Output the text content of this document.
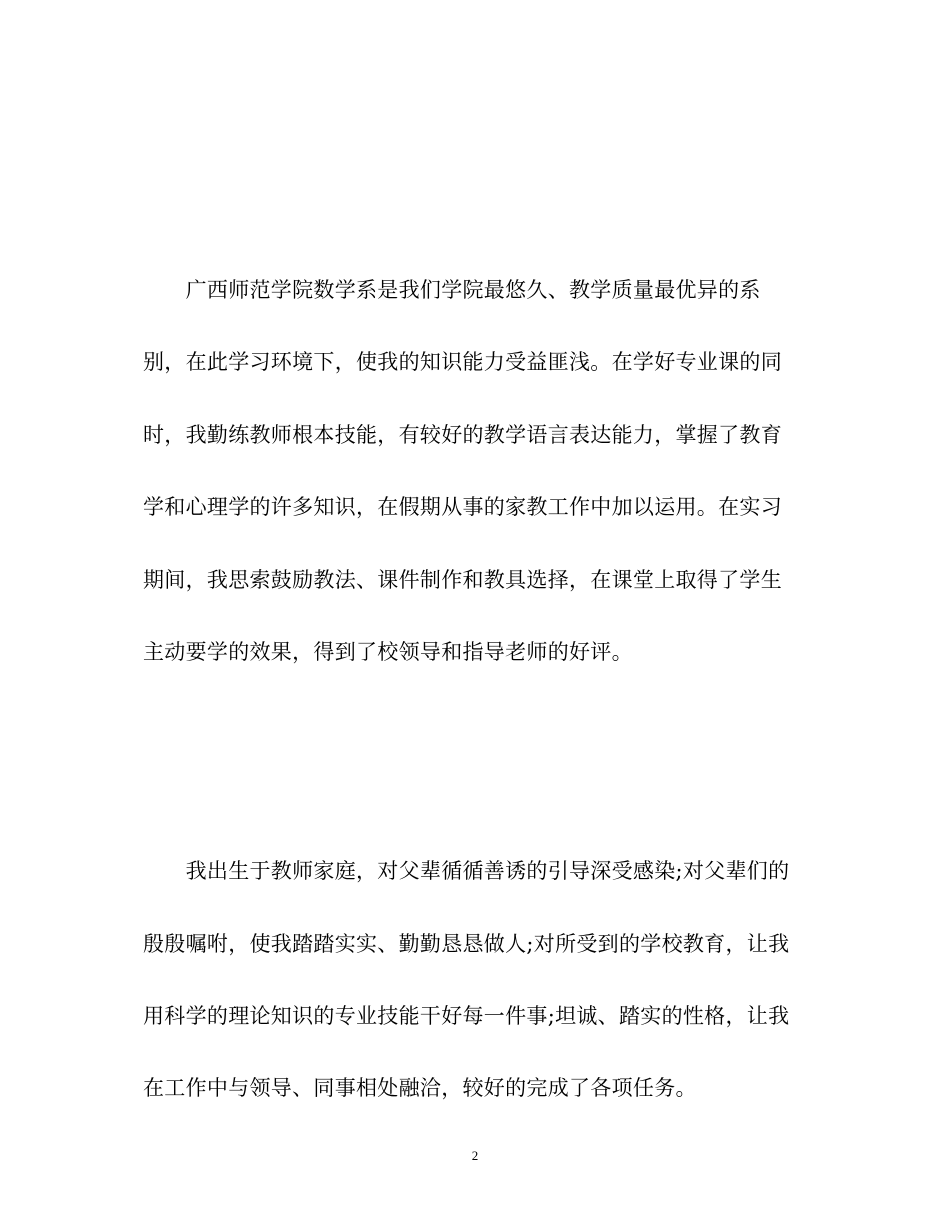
　　广西师范学院数学系是我们学院最悠久、教学质量最优异的系
别，在此学习环境下，使我的知识能力受益匪浅。在学好专业课的同
时，我勤练教师根本技能，有较好的教学语言表达能力，掌握了教育
学和心理学的许多知识，在假期从事的家教工作中加以运用。在实习
期间，我思索鼓励教法、课件制作和教具选择，在课堂上取得了学生
主动要学的效果，得到了校领导和指导老师的好评。
　　我出生于教师家庭，对父辈循循善诱的引导深受感染;对父辈们的
殷殷嘱咐，使我踏踏实实、勤勤恳恳做人;对所受到的学校教育，让我
用科学的理论知识的专业技能干好每一件事;坦诚、踏实的性格，让我
在工作中与领导、同事相处融洽，较好的完成了各项任务。
2
